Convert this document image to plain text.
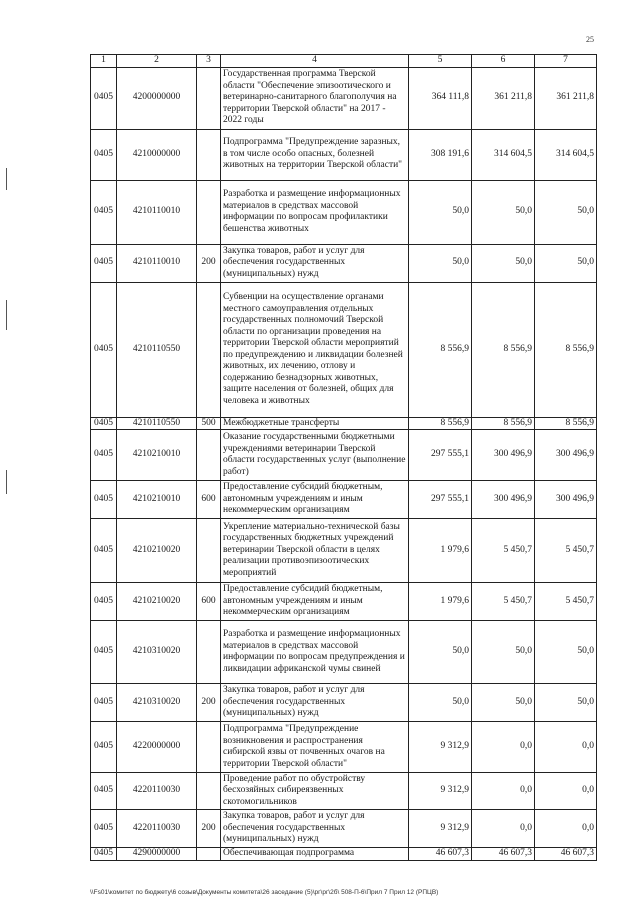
25
1	2	3	4	5	6	7
0405	4200000000		Государственная программа Тверской области "Обеспечение эпизоотического и ветеринарно-санитарного благополучия на территории Тверской области" на 2017 - 2022 годы	364 111,8	361 211,8	361 211,8
0405	4210000000		Подпрограмма "Предупреждение заразных, в том числе особо опасных, болезней животных на территории Тверской области"	308 191,6	314 604,5	314 604,5
0405	4210110010		Разработка и размещение информационных материалов в средствах массовой информации по вопросам профилактики бешенства животных	50,0	50,0	50,0
0405	4210110010	200	Закупка товаров, работ и услуг для обеспечения государственных (муниципальных) нужд	50,0	50,0	50,0
0405	4210110550		Субвенции на осуществление органами местного самоуправления отдельных государственных полномочий Тверской области по организации проведения на территории Тверской области мероприятий по предупреждению и ликвидации болезней животных, их лечению, отлову и содержанию безнадзорных животных, защите населения от болезней, общих для человека и животных	8 556,9	8 556,9	8 556,9
0405	4210110550	500	Межбюджетные трансферты	8 556,9	8 556,9	8 556,9
0405	4210210010		Оказание государственными бюджетными учреждениями ветеринарии Тверской области государственных услуг (выполнение работ)	297 555,1	300 496,9	300 496,9
0405	4210210010	600	Предоставление субсидий бюджетным, автономным учреждениям и иным некоммерческим организациям	297 555,1	300 496,9	300 496,9
0405	4210210020		Укрепление материально-технической базы государственных бюджетных учреждений ветеринарии Тверской области в целях реализации противоэпизоотических мероприятий	1 979,6	5 450,7	5 450,7
0405	4210210020	600	Предоставление субсидий бюджетным, автономным учреждениям и иным некоммерческим организациям	1 979,6	5 450,7	5 450,7
0405	4210310020		Разработка и размещение информационных материалов в средствах массовой информации по вопросам предупреждения и ликвидации африканской чумы свиней	50,0	50,0	50,0
0405	4210310020	200	Закупка товаров, работ и услуг для обеспечения государственных (муниципальных) нужд	50,0	50,0	50,0
0405	4220000000		Подпрограмма "Предупреждение возникновения и распространения сибирской язвы от почвенных очагов на территории Тверской области"	9 312,9	0,0	0,0
0405	4220110030		Проведение работ по обустройству бесхозяйных сибиреязвенных скотомогильников	9 312,9	0,0	0,0
0405	4220110030	200	Закупка товаров, работ и услуг для обеспечения государственных (муниципальных) нужд	9 312,9	0,0	0,0
0405	4290000000		Обеспечивающая подпрограмма	46 607,3	46 607,3	46 607,3
\\Fs01\комитет по бюджету\6 созыв\Документы комитета\26 заседание (5)\рг\рг\2б\ 508-П-6\Прил 7 Прил 12 (РПЦВ)
